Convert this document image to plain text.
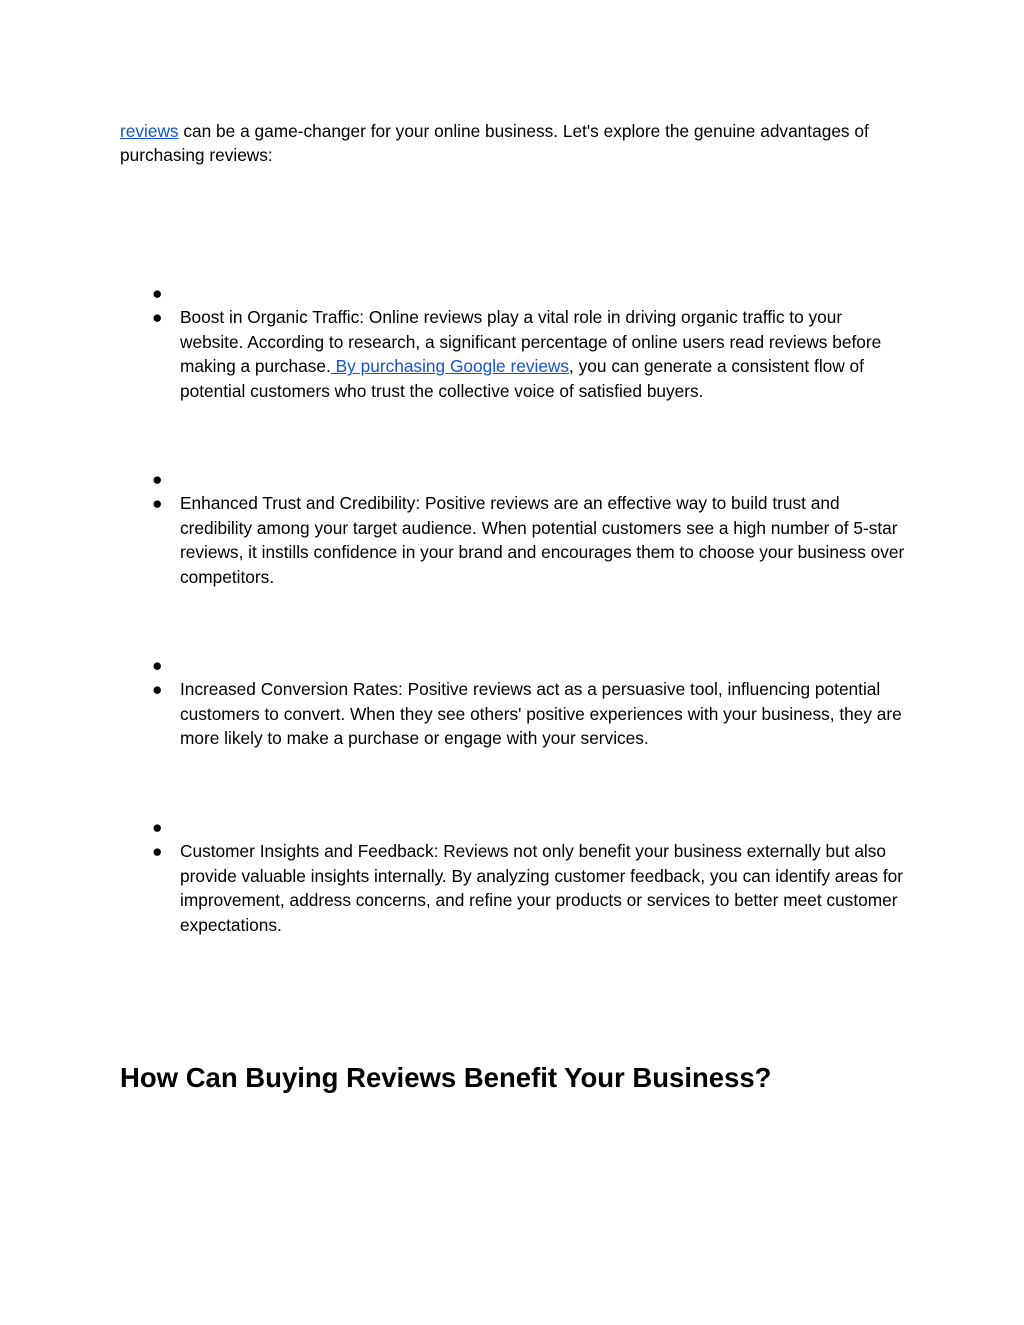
reviews can be a game-changer for your online business. Let's explore the genuine advantages of purchasing reviews:

●
● Boost in Organic Traffic: Online reviews play a vital role in driving organic traffic to your website. According to research, a significant percentage of online users read reviews before making a purchase. By purchasing Google reviews, you can generate a consistent flow of potential customers who trust the collective voice of satisfied buyers.
●
● Enhanced Trust and Credibility: Positive reviews are an effective way to build trust and credibility among your target audience. When potential customers see a high number of 5-star reviews, it instills confidence in your brand and encourages them to choose your business over competitors.
●
● Increased Conversion Rates: Positive reviews act as a persuasive tool, influencing potential customers to convert. When they see others' positive experiences with your business, they are more likely to make a purchase or engage with your services.
●
● Customer Insights and Feedback: Reviews not only benefit your business externally but also provide valuable insights internally. By analyzing customer feedback, you can identify areas for improvement, address concerns, and refine your products or services to better meet customer expectations.
How Can Buying Reviews Benefit Your Business?
